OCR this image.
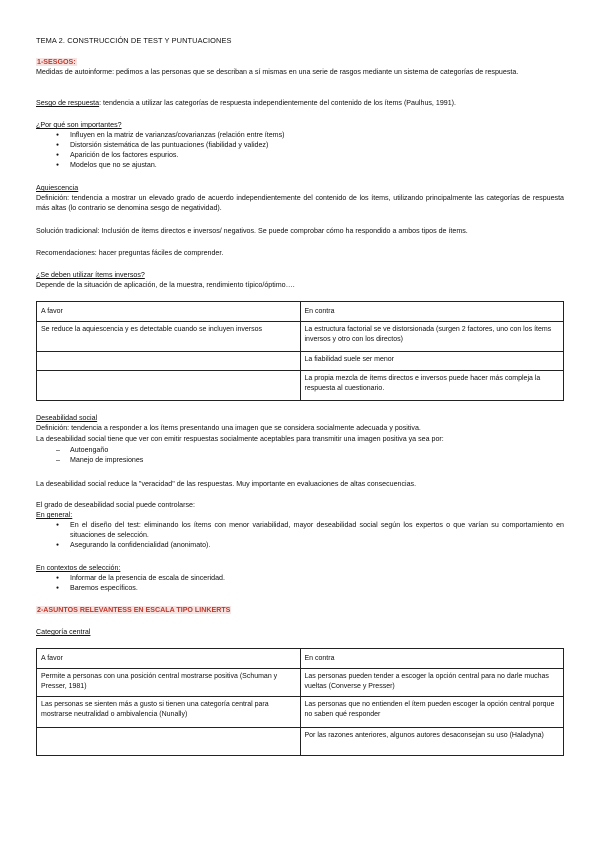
TEMA 2. CONSTRUCCIÓN DE TEST Y PUNTUACIONES

1-SESGOS:

Medidas de autoinforme: pedimos a las personas que se describan a sí mismas en una serie de rasgos mediante un sistema de categorías de respuesta.

Sesgo de respuesta: tendencia a utilizar las categorías de respuesta independientemente del contenido de los ítems (Paulhus, 1991).

¿Por qué son importantes?

● Influyen en la matriz de varianzas/covarianzas (relación entre ítems)
● Distorsión sistemática de las puntuaciones (fiabilidad y validez)
● Aparición de los factores espurios.
● Modelos que no se ajustan.

Aquiescencia

Definición: tendencia a mostrar un elevado grado de acuerdo independientemente del contenido de los ítems, utilizando principalmente las categorías de respuesta más altas (lo contrario se denomina sesgo de negatividad).

Solución tradicional: Inclusión de ítems directos e inversos/ negativos. Se puede comprobar cómo ha respondido a ambos tipos de ítems.

Recomendaciones: hacer preguntas fáciles de comprender.

¿Se deben utilizar ítems inversos?

Depende de la situación de aplicación, de la muestra, rendimiento típico/óptimo….

A favor	En contra
Se reduce la aquiescencia y es detectable cuando se incluyen inversos	La estructura factorial se ve distorsionada (surgen 2 factores, uno con los ítems inversos y otro con los directos)
	La fiabilidad suele ser menor
	La propia mezcla de ítems directos e inversos puede hacer más compleja la respuesta al cuestionario.

Deseabilidad social

Definición: tendencia a responder a los ítems presentando una imagen que se considera socialmente adecuada y positiva.

La deseabilidad social tiene que ver con emitir respuestas socialmente aceptables para transmitir una imagen positiva ya sea por:

– Autoengaño
– Manejo de impresiones

La deseabilidad social reduce la "veracidad" de las respuestas. Muy importante en evaluaciones de altas consecuencias.

El grado de deseabilidad social puede controlarse:

En general:

● En el diseño del test: eliminando los ítems con menor variabilidad, mayor deseabilidad social según los expertos o que varían su comportamiento en situaciones de selección.
● Asegurando la confidencialidad (anonimato).

En contextos de selección:

● Informar de la presencia de escala de sinceridad.
● Baremos específicos.

2-ASUNTOS RELEVANTESS EN ESCALA TIPO LINKERTS

Categoría central

A favor	En contra
Permite a personas con una posición central mostrarse positiva (Schuman y Presser, 1981)	Las personas pueden tender a escoger la opción central para no darle muchas vueltas (Converse y Presser)
Las personas se sienten más a gusto si tienen una categoría central para mostrarse neutralidad o ambivalencia (Nunally)	Las personas que no entienden el ítem pueden escoger la opción central porque no saben qué responder
	Por las razones anteriores, algunos autores desaconsejan su uso (Haladyna)
